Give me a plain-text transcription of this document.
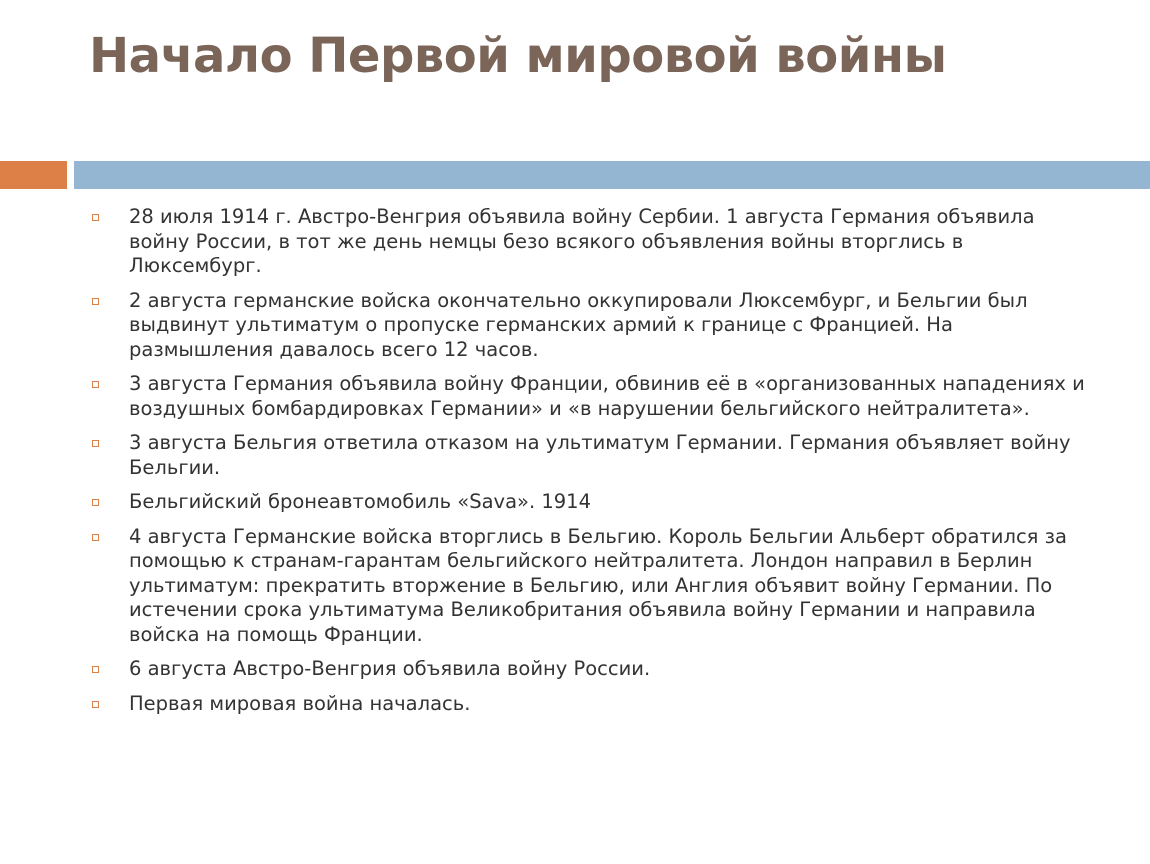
Начало Первой мировой войны
28 июля 1914 г. Австро-Венгрия объявила войну Сербии. 1 августа Германия объявила войну России, в тот же день немцы безо всякого объявления войны вторглись в Люксембург.
2 августа германские войска окончательно оккупировали Люксембург, и Бельгии был выдвинут ультиматум о пропуске германских армий к границе с Францией. На размышления давалось всего 12 часов.
3 августа Германия объявила войну Франции, обвинив её в «организованных нападениях и воздушных бомбардировках Германии» и «в нарушении бельгийского нейтралитета».
3 августа Бельгия ответила отказом на ультиматум Германии. Германия объявляет войну Бельгии.
Бельгийский бронеавтомобиль «Sava». 1914
4 августа Германские войска вторглись в Бельгию. Король Бельгии Альберт обратился за помощью к странам-гарантам бельгийского нейтралитета. Лондон направил в Берлин ультиматум: прекратить вторжение в Бельгию, или Англия объявит войну Германии. По истечении срока ультиматума Великобритания объявила войну Германии и направила войска на помощь Франции.
6 августа Австро-Венгрия объявила войну России.
Первая мировая война началась.
